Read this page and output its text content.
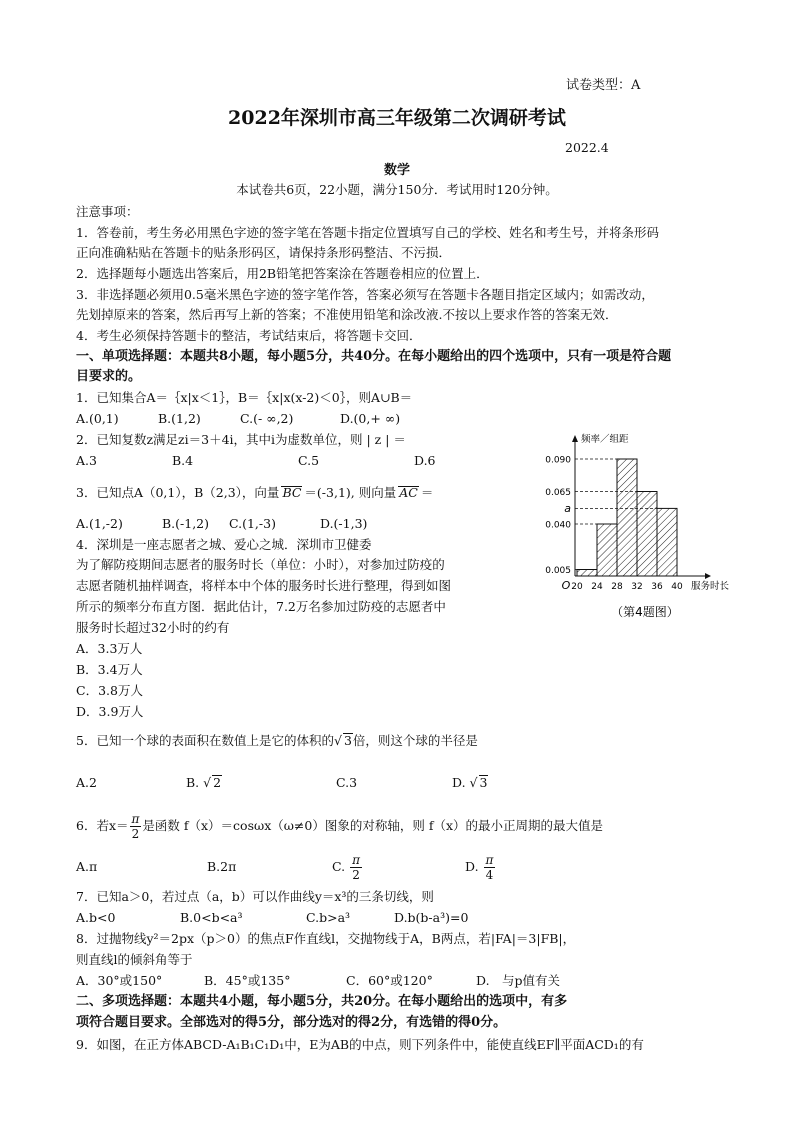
试卷类型：A
2022年深圳市高三年级第二次调研考试
2022.4
数学
本试卷共6页，22小题，满分150分．考试用时120分钟。
注意事项：
1．答卷前，考生务必用黑色字迹的签字笔在答题卡指定位置填写自己的学校、姓名和考生号，并将条形码
正向准确粘贴在答题卡的贴条形码区，请保持条形码整洁、不污损．
2．选择题每小题选出答案后，用2B铅笔把答案涂在答题卷相应的位置上．
3．非选择题必须用0.5毫米黑色字迹的签字笔作答，答案必须写在答题卡各题目指定区域内；如需改动，
先划掉原来的答案，然后再写上新的答案；不准使用铅笔和涂改液.不按以上要求作答的答案无效．
4．考生必须保持答题卡的整洁，考试结束后，将答题卡交回．
一、单项选择题：本题共8小题，每小题5分，共40分。在每小题给出的四个选项中，只有一项是符合题
目要求的。
1．已知集合A＝｛x|x＜1｝，B＝｛x|x(x-2)＜0｝，则A∪B＝
A.(0,1)	B.(1,2)	C.(- ∞,2)	D.(0,+ ∞)
2．已知复数z满足zi＝3＋4i，其中i为虚数单位，则 | z | ＝
A.3	B.4	C.5	D.6
3．已知点A（0,1），B（2,3），向量 BC ＝(-3,1), 则向量 AC ＝
A.(1,-2)	B.(-1,2) C.(1,-3)	D.(-1,3)
4．深圳是一座志愿者之城、爱心之城．深圳市卫健委
为了解防疫期间志愿者的服务时长（单位：小时），对参加过防疫的
志愿者随机抽样调查，将样本中个体的服务时长进行整理，得到如图
所示的频率分布直方图．据此估计，7.2万名参加过防疫的志愿者中
服务时长超过32小时的约有
A．3.3万人
B．3.4万人
C．3.8万人
D．3.9万人
0.090
0.065
a
0.040
0.005
20 24 28 32 36 40
频率／组距
服务时长
O
（第4题图）
5．已知一个球的表面积在数值上是它的体积的√ 3倍，则这个球的半径是
A.2	B. √ 2	C.3	D. √ 3
6．若$x= \frac{\pi}{2}$ 是函数 f（x）＝cosωx（ω≠0）图象的对称轴，则 f（x）的最小正周期的最大值是
A.π	B.2π	C. $\frac{\pi}{2}$	D. $\frac{\pi}{4}$
7．已知a＞0，若过点（a，b）可以作曲线y＝x³的三条切线，则
A.b<0	B.0<b<a³	C.b>a³	D.b(b-a³)=0
8．过抛物线y²＝2px（p＞0）的焦点F作直线l，交抛物线于A，B两点，若|FA|＝3|FB|，
则直线l的倾斜角等于
A．30°或150°	B．45°或135°	C．60°或120°	D.　与p值有关
二、多项选择题：本题共4小题，每小题5分，共20分。在每小题给出的选项中，有多
项符合题目要求。全部选对的得5分，部分选对的得2分，有选错的得0分。
9．如图，在正方体ABCD-A₁B₁C₁D₁中，E为AB的中点，则下列条件中，能使直线EF∥平面ACD₁的有
